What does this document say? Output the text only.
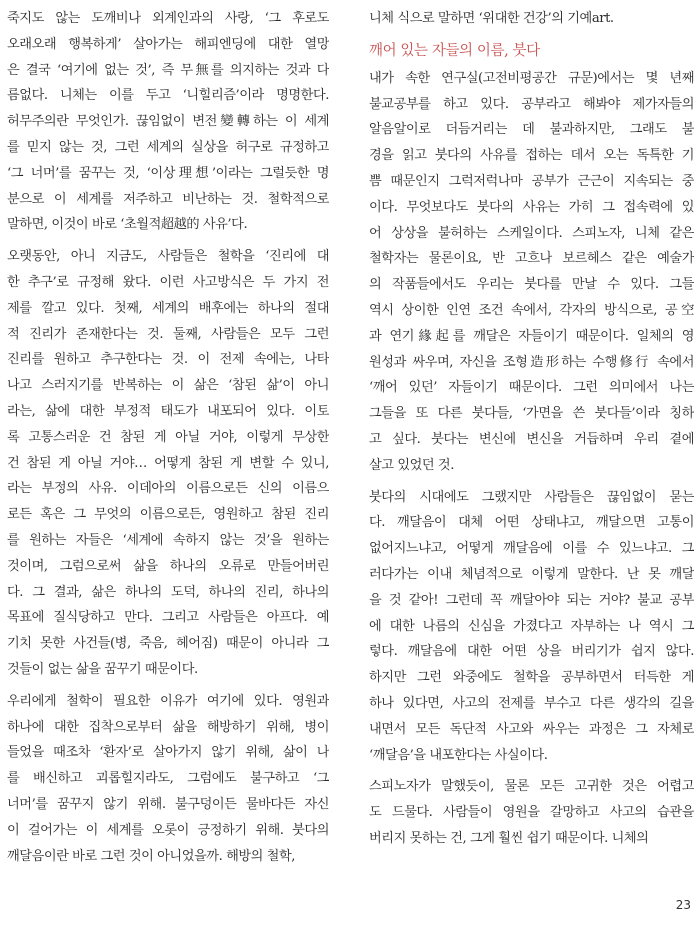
죽지도 않는 도깨비나 외계인과의 사랑, ‘그 후로도
오래오래 행복하게’ 살아가는 해피엔딩에 대한 열망
은 결국 ‘여기에 없는 것’, 즉 무無를 의지하는 것과 다
름없다. 니체는 이를 두고 ‘니힐리즘’이라 명명한다.
허무주의란 무엇인가. 끊임없이 변전變轉하는 이 세계
를 믿지 않는 것, 그런 세계의 실상을 허구로 규정하고
‘그 너머’를 꿈꾸는 것, ‘이상理想’이라는 그럴듯한 명
분으로 이 세계를 저주하고 비난하는 것. 철학적으로
말하면, 이것이 바로 ‘초월적超越的 사유’다.
오랫동안, 아니 지금도, 사람들은 철학을 ‘진리에 대
한 추구’로 규정해 왔다. 이런 사고방식은 두 가지 전
제를 깔고 있다. 첫째, 세계의 배후에는 하나의 절대
적 진리가 존재한다는 것. 둘째, 사람들은 모두 그런
진리를 원하고 추구한다는 것. 이 전제 속에는, 나타
나고 스러지기를 반복하는 이 삶은 ‘참된 삶’이 아니
라는, 삶에 대한 부정적 태도가 내포되어 있다. 이토
록 고통스러운 건 참된 게 아닐 거야, 이렇게 무상한
건 참된 게 아닐 거야… 어떻게 참된 게 변할 수 있니,
라는 부정의 사유. 이데아의 이름으로든 신의 이름으
로든 혹은 그 무엇의 이름으로든, 영원하고 참된 진리
를 원하는 자들은 ‘세계에 속하지 않는 것’을 원하는
것이며, 그럼으로써 삶을 하나의 오류로 만들어버린
다. 그 결과, 삶은 하나의 도덕, 하나의 진리, 하나의
목표에 질식당하고 만다. 그리고 사람들은 아프다. 예
기치 못한 사건들(병, 죽음, 헤어짐) 때문이 아니라 그
것들이 없는 삶을 꿈꾸기 때문이다.
우리에게 철학이 필요한 이유가 여기에 있다. 영원과
하나에 대한 집착으로부터 삶을 해방하기 위해, 병이
들었을 때조차 ‘환자’로 살아가지 않기 위해, 삶이 나
를 배신하고 괴롭힐지라도, 그럼에도 불구하고 ‘그
너머’를 꿈꾸지 않기 위해. 불구덩이든 물바다든 자신
이 걸어가는 이 세계를 오롯이 긍정하기 위해. 붓다의
깨달음이란 바로 그런 것이 아니었을까. 해방의 철학,
니체 식으로 말하면 ‘위대한 건강’의 기예art.
깨어 있는 자들의 이름, 붓다
내가 속한 연구실(고전비평공간 규문)에서는 몇 년째
불교공부를 하고 있다. 공부라고 해봐야 제가자들의
알음알이로 더듬거리는 데 불과하지만, 그래도 불
경을 읽고 붓다의 사유를 접하는 데서 오는 독특한 기
쁨 때문인지 그럭저럭나마 공부가 근근이 지속되는 중
이다. 무엇보다도 붓다의 사유는 가히 그 접속력에 있
어 상상을 불허하는 스케일이다. 스피노자, 니체 같은
철학자는 물론이요, 반 고흐나 보르헤스 같은 예술가
의 작품들에서도 우리는 붓다를 만날 수 있다. 그들
역시 상이한 인연 조건 속에서, 각자의 방식으로, 공空
과 연기緣起를 깨달은 자들이기 때문이다. 일체의 영
원성과 싸우며, 자신을 조형造形하는 수행修行 속에서
‘깨어 있던’ 자들이기 때문이다. 그런 의미에서 나는
그들을 또 다른 붓다들, ‘가면을 쓴 붓다들’이라 칭하
고 싶다. 붓다는 변신에 변신을 거듭하며 우리 곁에
살고 있었던 것.
붓다의 시대에도 그랬지만 사람들은 끊임없이 묻는
다. 깨달음이 대체 어떤 상태냐고, 깨달으면 고통이
없어지느냐고, 어떻게 깨달음에 이를 수 있느냐고. 그
러다가는 이내 체념적으로 이렇게 말한다. 난 못 깨달
을 것 같아! 그런데 꼭 깨달아야 되는 거야? 불교 공부
에 대한 나름의 신심을 가졌다고 자부하는 나 역시 그
렇다. 깨달음에 대한 어떤 상을 버리기가 쉽지 않다.
하지만 그런 와중에도 철학을 공부하면서 터득한 게
하나 있다면, 사고의 전제를 부수고 다른 생각의 길을
내면서 모든 독단적 사고와 싸우는 과정은 그 자체로
‘깨달음’을 내포한다는 사실이다.
스피노자가 말했듯이, 물론 모든 고귀한 것은 어렵고
도 드물다. 사람들이 영원을 갈망하고 사고의 습관을
버리지 못하는 건, 그게 훨씬 쉽기 때문이다. 니체의
23
